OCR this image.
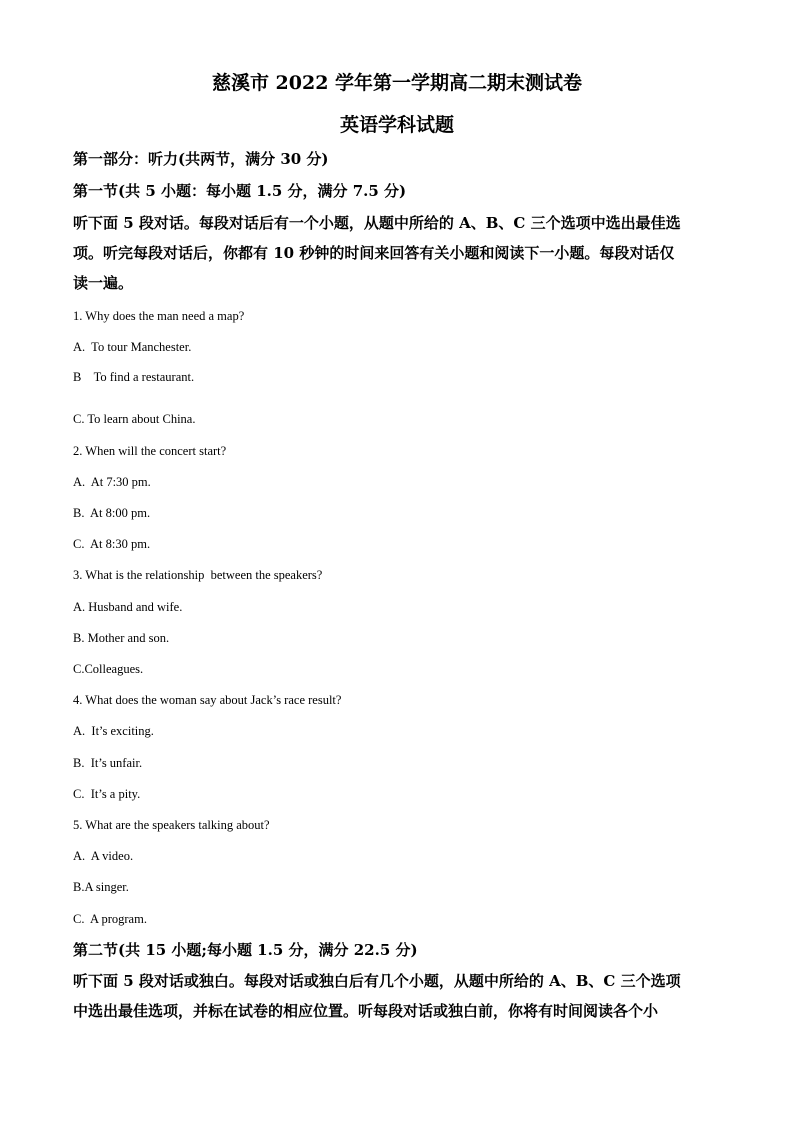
慈溪市 2022 学年第一学期高二期末测试卷
英语学科试题
第一部分：听力(共两节，满分 30 分)
第一节(共 5 小题：每小题 1.5 分，满分 7.5 分)
听下面 5 段对话。每段对话后有一个小题，从题中所给的 A、B、C 三个选项中选出最佳选
项。听完每段对话后，你都有 10 秒钟的时间来回答有关小题和阅读下一小题。每段对话仅
读一遍。
1. Why does the man need a map?
A.  To tour Manchester.
B    To find a restaurant.
C. To learn about China.
2. When will the concert start?
A.  At 7:30 pm.
B.  At 8:00 pm.
C.  At 8:30 pm.
3. What is the relationship  between the speakers?
A. Husband and wife.
B. Mother and son.
C.Colleagues.
4. What does the woman say about Jack’s race result?
A.  It’s exciting.
B.  It’s unfair.
C.  It’s a pity.
5. What are the speakers talking about?
A.  A video.
B.A singer.
C.  A program.
第二节(共 15 小题;每小题 1.5 分，满分 22.5 分)
听下面 5 段对话或独白。每段对话或独白后有几个小题，从题中所给的 A、B、C 三个选项
中选出最佳选项，并标在试卷的相应位置。听每段对话或独白前，你将有时间阅读各个小
